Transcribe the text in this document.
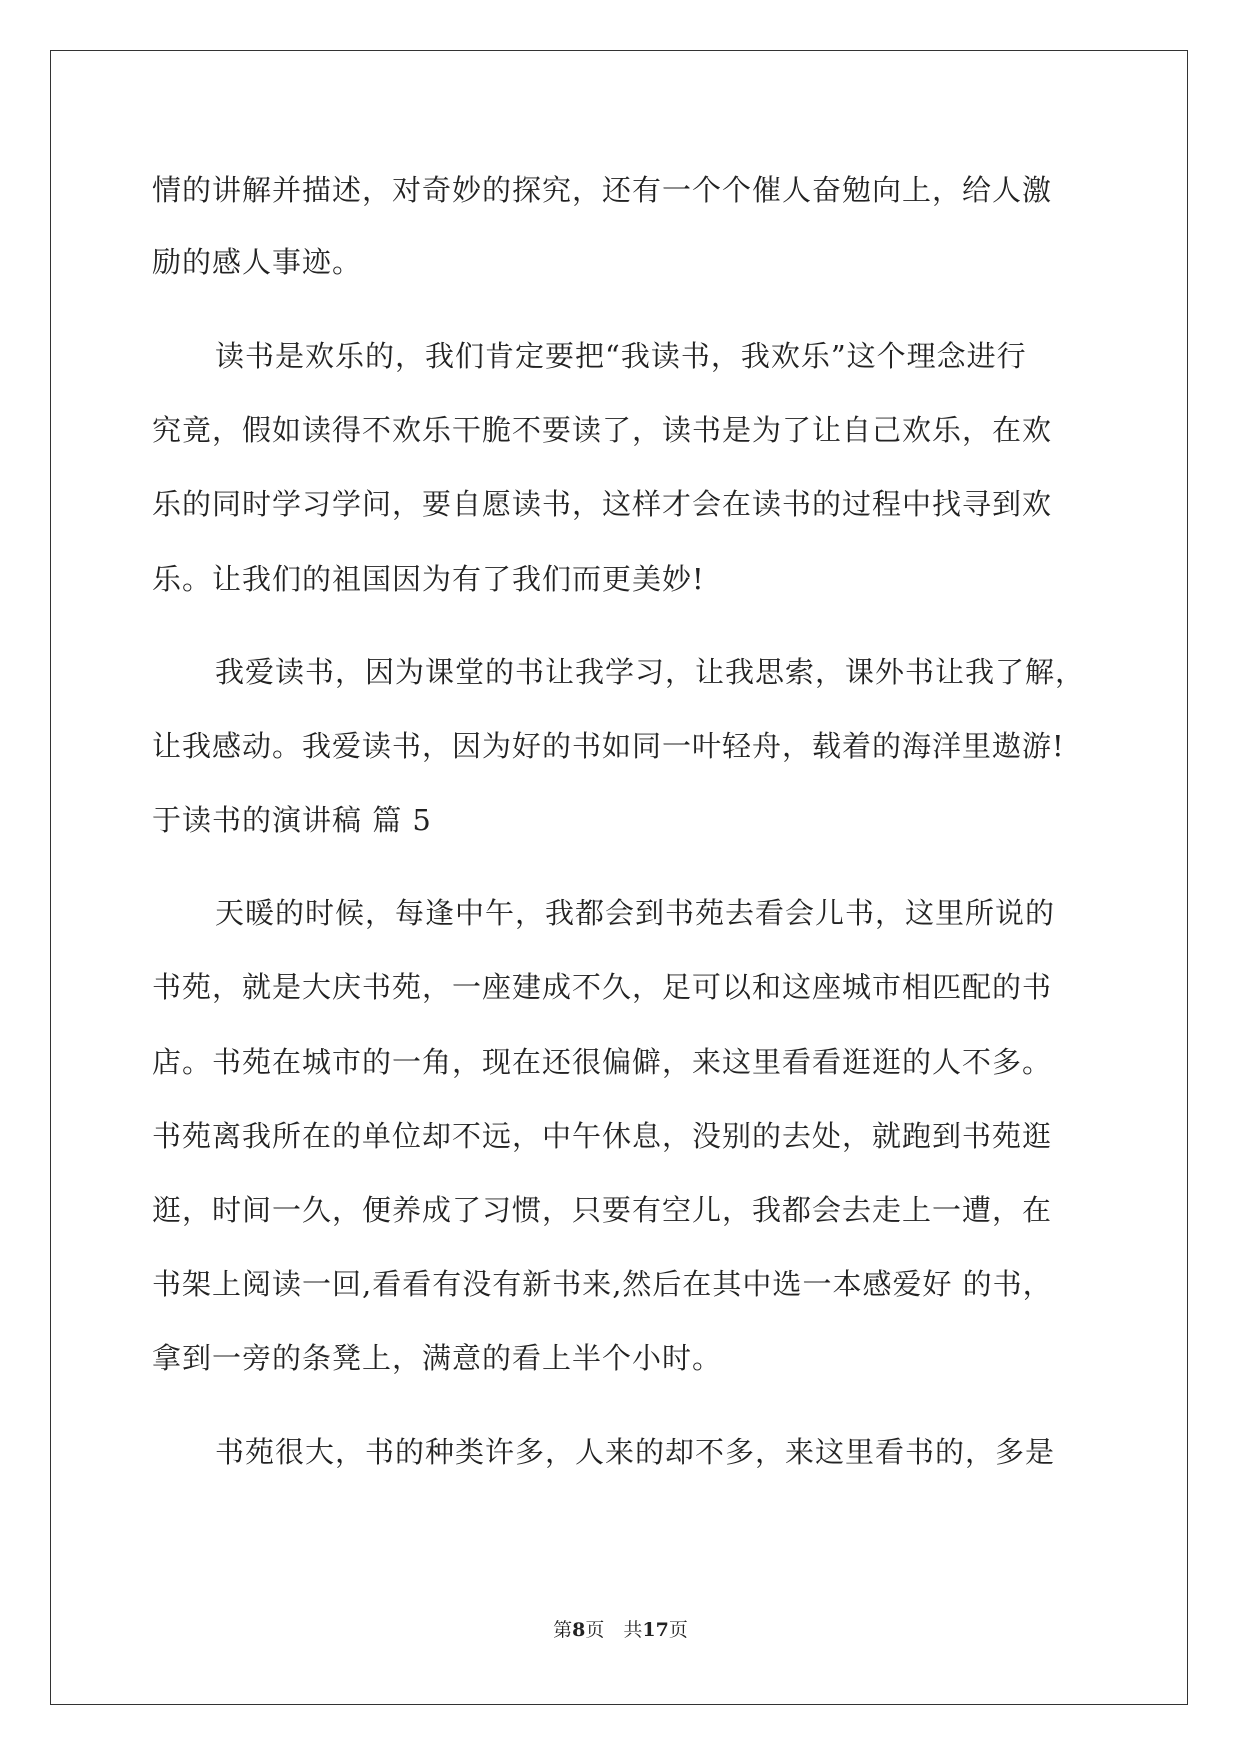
情的讲解并描述，对奇妙的探究，还有一个个催人奋勉向上，给人激
励的感人事迹。
读书是欢乐的，我们肯定要把“我读书，我欢乐”这个理念进行
究竟，假如读得不欢乐干脆不要读了，读书是为了让自己欢乐，在欢
乐的同时学习学问，要自愿读书，这样才会在读书的过程中找寻到欢
乐。让我们的祖国因为有了我们而更美妙!
我爱读书，因为课堂的书让我学习，让我思索，课外书让我了解，
让我感动。我爱读书，因为好的书如同一叶轻舟，载着的海洋里遨游!
于读书的演讲稿 篇 5
天暖的时候，每逢中午，我都会到书苑去看会儿书，这里所说的
书苑，就是大庆书苑，一座建成不久，足可以和这座城市相匹配的书
店。书苑在城市的一角，现在还很偏僻，来这里看看逛逛的人不多。
书苑离我所在的单位却不远，中午休息，没别的去处，就跑到书苑逛
逛，时间一久，便养成了习惯，只要有空儿，我都会去走上一遭，在
书架上阅读一回,看看有没有新书来,然后在其中选一本感爱好 的书，
拿到一旁的条凳上，满意的看上半个小时。
书苑很大，书的种类许多，人来的却不多，来这里看书的，多是
第8页　共17页
